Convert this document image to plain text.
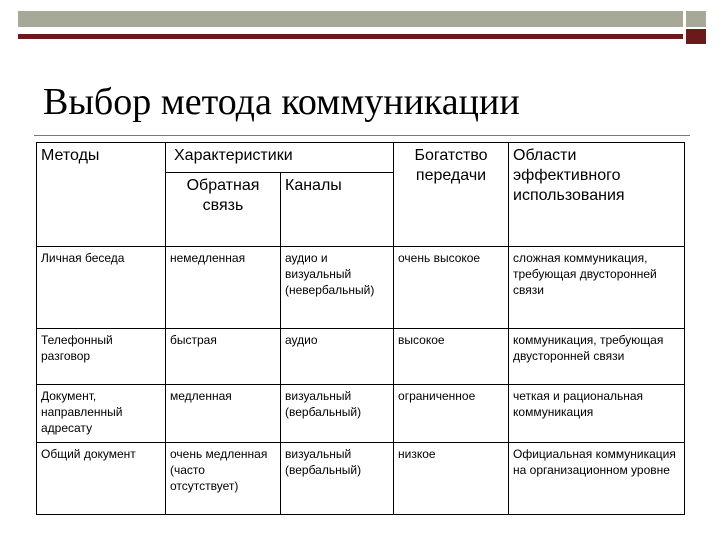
Выбор метода коммуникации
Методы	Характеристики		Богатство передачи	Области эффективного использования
	Обратная связь	Каналы		
Личная беседа	немедленная	аудио и визуальный (невербальный)	очень высокое	сложная коммуникация, требующая двусторонней связи
Телефонный разговор	быстрая	аудио	высокое	коммуникация, требующая двусторонней связи
Документ, направленный адресату	медленная	визуальный (вербальный)	ограниченное	четкая и рациональная коммуникация
Общий документ	очень медленная (часто отсутствует)	визуальный (вербальный)	низкое	Официальная коммуникация на организационном уровне
